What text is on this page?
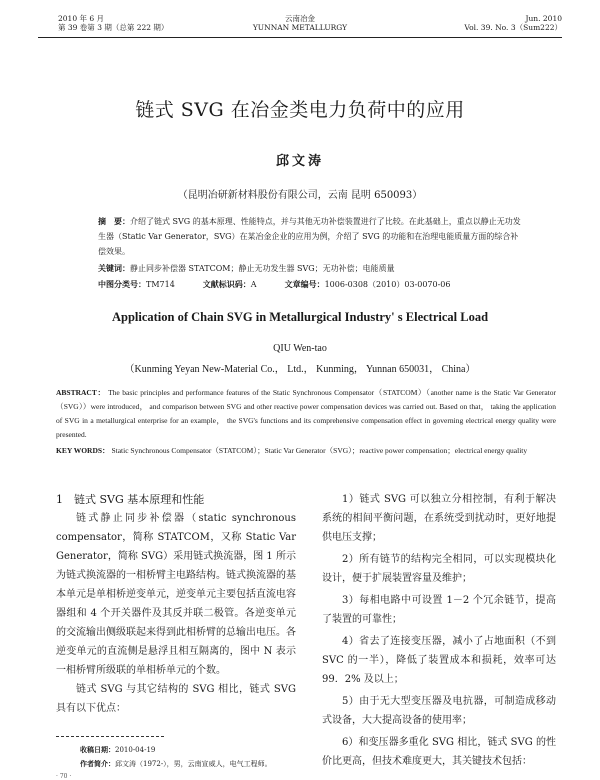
2010 年 6 月
第 39 卷第 3 期（总第 222 期）
云南冶金
YUNNAN METALLURGY
Jun. 2010
Vol. 39. No. 3（Sum222）
链式 SVG 在冶金类电力负荷中的应用
邱文涛
（昆明冶研新材料股份有限公司，云南 昆明 650093）
摘　要：介绍了链式 SVG 的基本原理、性能特点，并与其他无功补偿装置进行了比较。在此基础上，重点以静止无功发生器（Static Var Generator，SVG）在某冶金企业的应用为例，介绍了 SVG 的功能和在治理电能质量方面的综合补偿效果。
关键词：静止同步补偿器 STATCOM；静止无功发生器 SVG；无功补偿；电能质量
中图分类号：TM714	文献标识码：A	文章编号：1006-0308（2010）03-0070-06
Application of Chain SVG in Metallurgical Industry' s Electrical Load
QIU Wen-tao
（Kunming Yeyan New-Material Co.， Ltd.， Kunming， Yunnan 650031， China）
ABSTRACT： The basic principles and performance features of the Static Synchronous Compensator（STATCOM）（another name is the Static Var Generator（SVG））were introduced， and comparison between SVG and other reactive power compensation devices was carried out. Based on that， taking the application of SVG in a metallurgical enterprise for an example， the SVG's functions and its comprehensive compensation effect in governing electrical energy quality were presented.
KEY WORDS： Static Synchronous Compensator（STATCOM）；Static Var Generator（SVG）；reactive power compensation；electrical energy quality

1　链式 SVG 基本原理和性能

链式静止同步补偿器（static synchronous compensator，简称 STATCOM，又称 Static Var Generator，简称 SVG）采用链式换流器，图 1 所示为链式换流器的一相桥臂主电路结构。链式换流器的基本单元是单相桥逆变单元，逆变单元主要包括直流电容器组和 4 个开关器件及其反并联二极管。各逆变单元的交流输出侧级联起来得到此相桥臂的总输出电压。各逆变单元的直流侧是悬浮且相互隔离的，图中 N 表示一相桥臂所级联的单相桥单元的个数。

链式 SVG 与其它结构的 SVG 相比，链式 SVG 具有以下优点：

1）链式 SVG 可以独立分相控制，有利于解决系统的相间平衡问题，在系统受到扰动时，更好地提供电压支撑；

2）所有链节的结构完全相同，可以实现模块化设计，便于扩展装置容量及维护；

3）每相电路中可设置 1－2 个冗余链节，提高了装置的可靠性；

4）省去了连接变压器，减小了占地面积（不到 SVC 的一半），降低了装置成本和损耗，效率可达 99．2% 及以上；

5）由于无大型变压器及电抗器，可制造成移动式设备，大大提高设备的使用率；

6）和变压器多重化 SVG 相比，链式 SVG 的性价比更高，但技术难度更大，其关键技术包括：

收稿日期：2010-04-19
作者简介：邱文涛（1972-），男，云南宣威人，电气工程师。
· 70 ·
